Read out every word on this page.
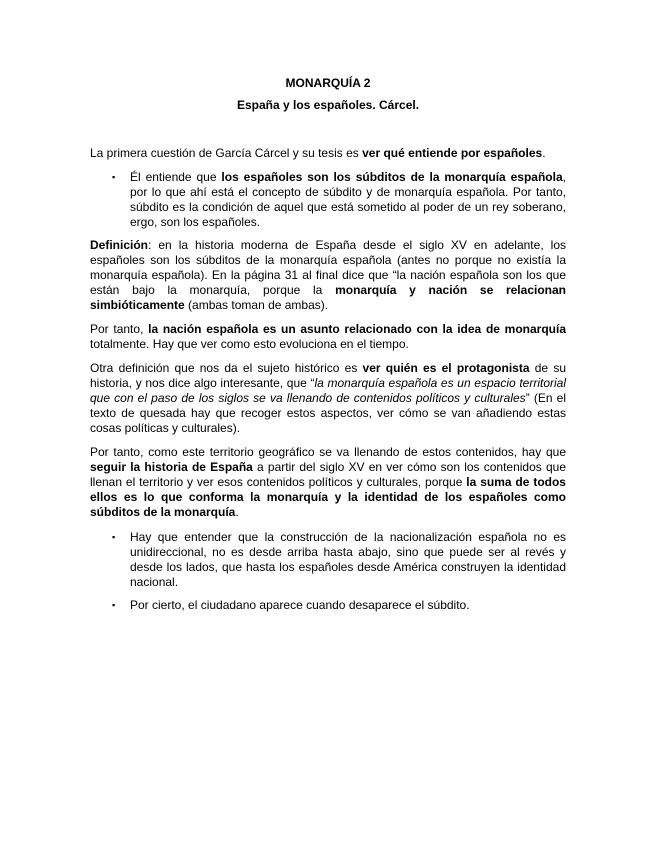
MONARQUÍA 2

España y los españoles. Cárcel.

La primera cuestión de García Cárcel y su tesis es ver qué entiende por españoles.

▪ Él entiende que los españoles son los súbditos de la monarquía española, por lo que ahí está el concepto de súbdito y de monarquía española. Por tanto, súbdito es la condición de aquel que está sometido al poder de un rey soberano, ergo, son los españoles.

Definición: en la historia moderna de España desde el siglo XV en adelante, los españoles son los súbditos de la monarquía española (antes no porque no existía la monarquía española). En la página 31 al final dice que “la nación española son los que están bajo la monarquía, porque la monarquía y nación se relacionan simbióticamente (ambas toman de ambas).

Por tanto, la nación española es un asunto relacionado con la idea de monarquía totalmente. Hay que ver como esto evoluciona en el tiempo.

Otra definición que nos da el sujeto histórico es ver quién es el protagonista de su historia, y nos dice algo interesante, que “la monarquía española es un espacio territorial que con el paso de los siglos se va llenando de contenidos políticos y culturales” (En el texto de quesada hay que recoger estos aspectos, ver cómo se van añadiendo estas cosas políticas y culturales).

Por tanto, como este territorio geográfico se va llenando de estos contenidos, hay que seguir la historia de España a partir del siglo XV en ver cómo son los contenidos que llenan el territorio y ver esos contenidos políticos y culturales, porque la suma de todos ellos es lo que conforma la monarquía y la identidad de los españoles como súbditos de la monarquía.

▪ Hay que entender que la construcción de la nacionalización española no es unidireccional, no es desde arriba hasta abajo, sino que puede ser al revés y desde los lados, que hasta los españoles desde América construyen la identidad nacional.
▪ Por cierto, el ciudadano aparece cuando desaparece el súbdito.
